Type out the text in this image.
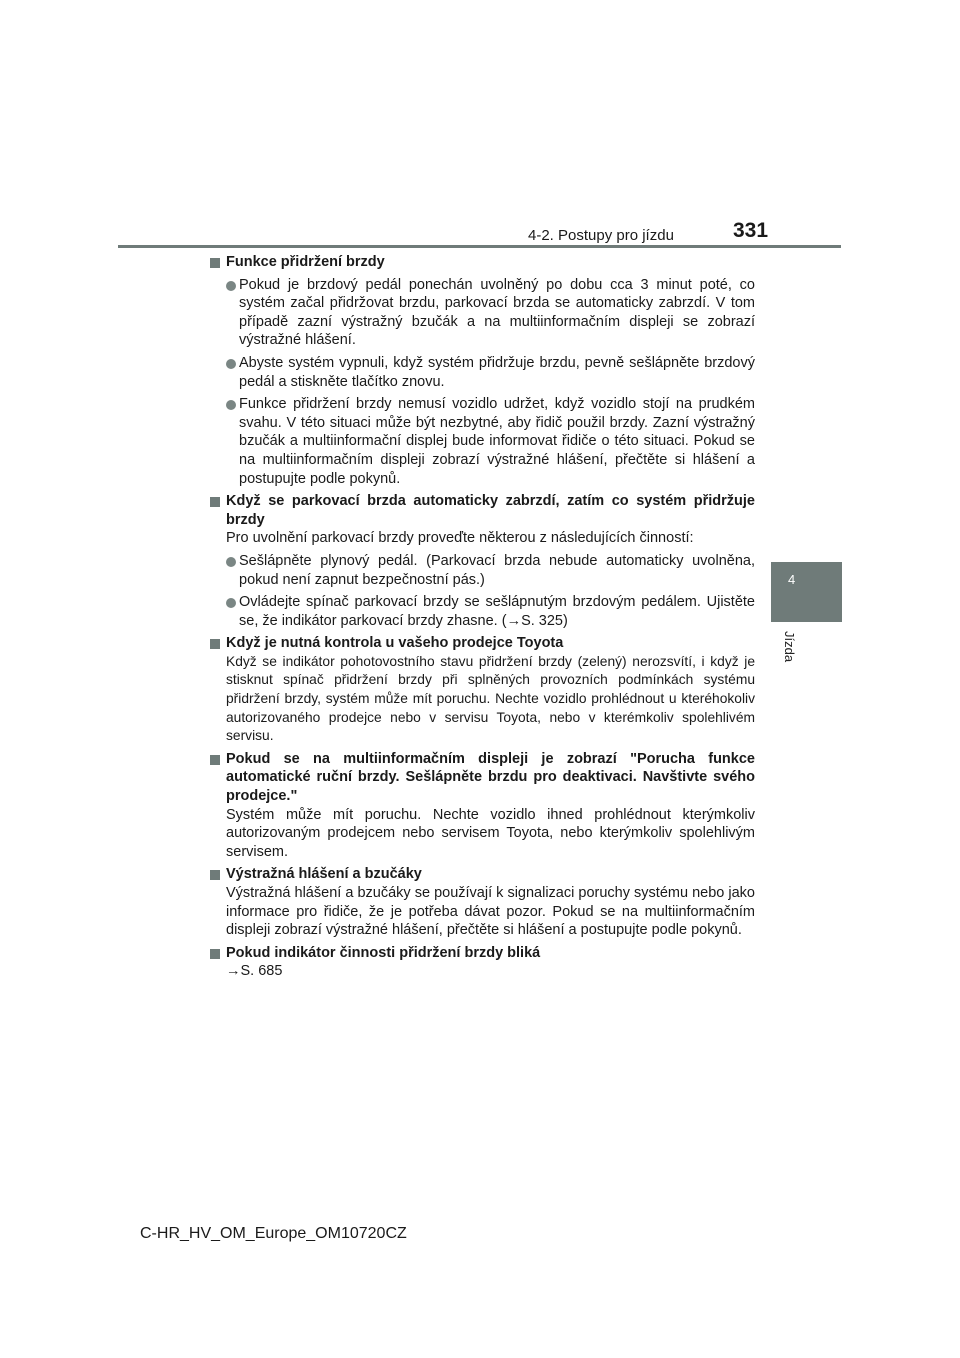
4-2. Postupy pro jízdu	331
4
Jízda
Funkce přidržení brzdy
Pokud je brzdový pedál ponechán uvolněný po dobu cca 3 minut poté, co systém začal přidržovat brzdu, parkovací brzda se automaticky zabrzdí. V tom případě zazní výstražný bzučák a na multiinformačním displeji se zobrazí výstražné hlášení.
Abyste systém vypnuli, když systém přidržuje brzdu, pevně sešlápněte brzdový pedál a stiskněte tlačítko znovu.
Funkce přidržení brzdy nemusí vozidlo udržet, když vozidlo stojí na prudkém svahu. V této situaci může být nezbytné, aby řidič použil brzdy. Zazní výstražný bzučák a multiinformační displej bude informovat řidiče o této situaci. Pokud se na multiinformačním displeji zobrazí výstražné hlášení, přečtěte si hlášení a postupujte podle pokynů.
Když se parkovací brzda automaticky zabrzdí, zatím co systém přidržuje brzdy
Pro uvolnění parkovací brzdy proveďte některou z následujících činností:
Sešlápněte plynový pedál. (Parkovací brzda nebude automaticky uvolněna, pokud není zapnut bezpečnostní pás.)
Ovládejte spínač parkovací brzdy se sešlápnutým brzdovým pedálem. Ujistěte se, že indikátor parkovací brzdy zhasne. (→S. 325)
Když je nutná kontrola u vašeho prodejce Toyota
Když se indikátor pohotovostního stavu přidržení brzdy (zelený) nerozsvítí, i když je stisknut spínač přidržení brzdy při splněných provozních podmínkách systému přidržení brzdy, systém může mít poruchu. Nechte vozidlo prohlédnout u kteréhokoliv autorizovaného prodejce nebo v servisu Toyota, nebo v kterémkoliv spolehlivém servisu.
Pokud se na multiinformačním displeji je zobrazí "Porucha funkce automatické ruční brzdy. Sešlápněte brzdu pro deaktivaci. Navštivte svého prodejce."
Systém může mít poruchu. Nechte vozidlo ihned prohlédnout kterýmkoliv autorizovaným prodejcem nebo servisem Toyota, nebo kterýmkoliv spolehlivým servisem.
Výstražná hlášení a bzučáky
Výstražná hlášení a bzučáky se používají k signalizaci poruchy systému nebo jako informace pro řidiče, že je potřeba dávat pozor. Pokud se na multiinformačním displeji zobrazí výstražné hlášení, přečtěte si hlášení a postupujte podle pokynů.
Pokud indikátor činnosti přidržení brzdy bliká
→S. 685
C-HR_HV_OM_Europe_OM10720CZ
